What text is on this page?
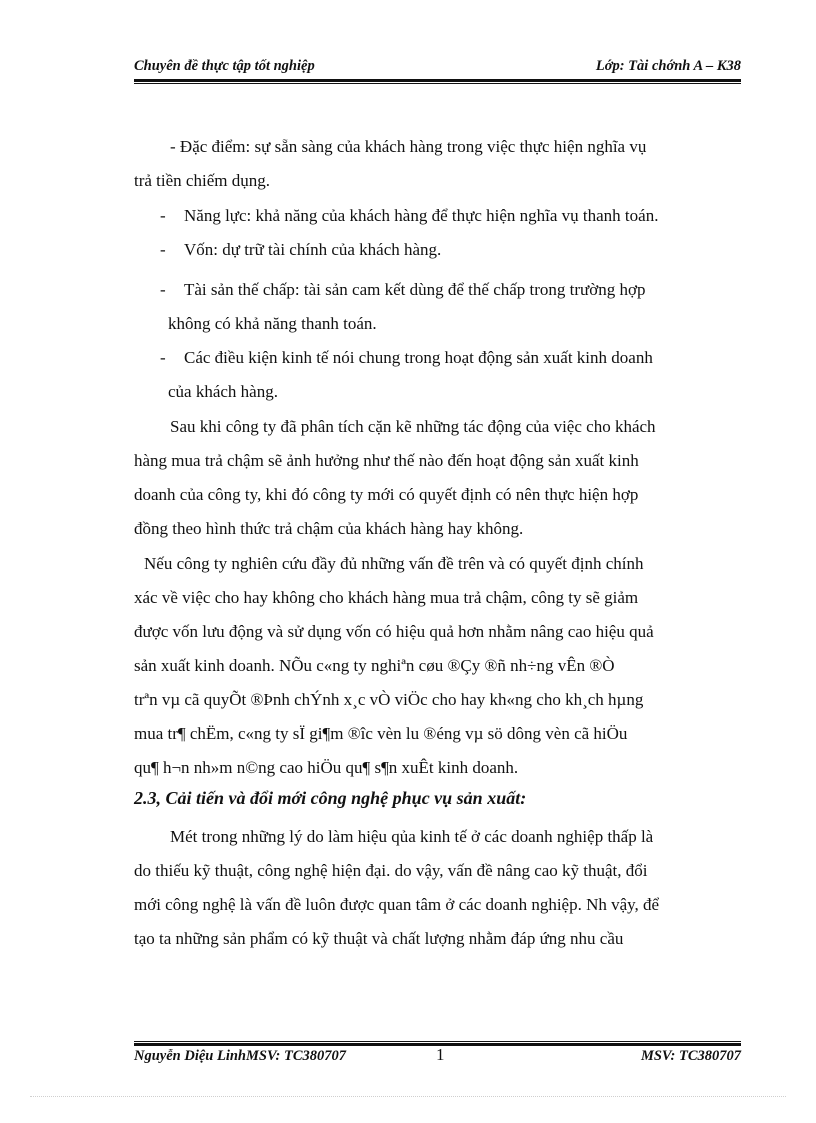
Chuyên đề thực tập tốt nghiệp	Lớp: Tài chớnh A – K38
- Đặc điểm: sự sẵn sàng của khách hàng trong việc thực hiện nghĩa vụ
trả tiền chiếm dụng.
- Năng lực: khả năng của khách hàng để thực hiện nghĩa vụ thanh toán.
- Vốn: dự trữ tài chính của khách hàng.
- Tài sản thế chấp: tài sản cam kết dùng để thế chấp trong trường hợp
không có khả năng thanh toán.
- Các điều kiện kinh tế nói chung trong hoạt động sản xuất kinh doanh
của khách hàng.
Sau khi công ty đã phân tích cặn kẽ những tác động của việc cho khách
hàng mua trả chậm sẽ ảnh hưởng như thế nào đến hoạt động sản xuất kinh
doanh của công ty, khi đó công ty mới có quyết định có nên thực hiện hợp
đồng theo hình thức trả chậm của khách hàng hay không.
Nếu công ty nghiên cứu đầy đủ những vấn đề trên và có quyết định chính
xác về việc cho hay không cho khách hàng mua trả chậm, công ty sẽ giảm
được vốn lưu động và sử dụng vốn có hiệu quả hơn nhằm nâng cao hiệu quả
sản xuất kinh doanh. NÕu c«ng ty nghiªn cøu ®Çy ®ñ nh÷ng vÊn ®Ò
trªn vµ cã quyÕt ®Þnh chÝnh x¸c vÒ viÖc cho hay kh«ng cho kh¸ch hµng
mua tr¶ chËm, c«ng ty sÏ gi¶m ®îc vèn lu ®éng vµ sö dông vèn cã hiÖu
qu¶ h¬n nh»m n©ng cao hiÖu qu¶ s¶n xuÊt kinh doanh.
2.3, Cải tiến và đổi mới công nghệ phục vụ sản xuất:
Mét trong những lý do làm hiệu qủa kinh tế ở các doanh nghiệp thấp là
do thiếu kỹ thuật, công nghệ hiện đại. do vậy, vấn đề nâng cao kỹ thuật, đổi
mới công nghệ là vấn đề luôn được quan tâm ở các doanh nghiệp. Nh vậy, để
tạo ta những sản phẩm có kỹ thuật và chất lượng nhằm đáp ứng nhu cầu
Nguyễn Diệu LinhMSV: TC380707	1	MSV: TC380707
